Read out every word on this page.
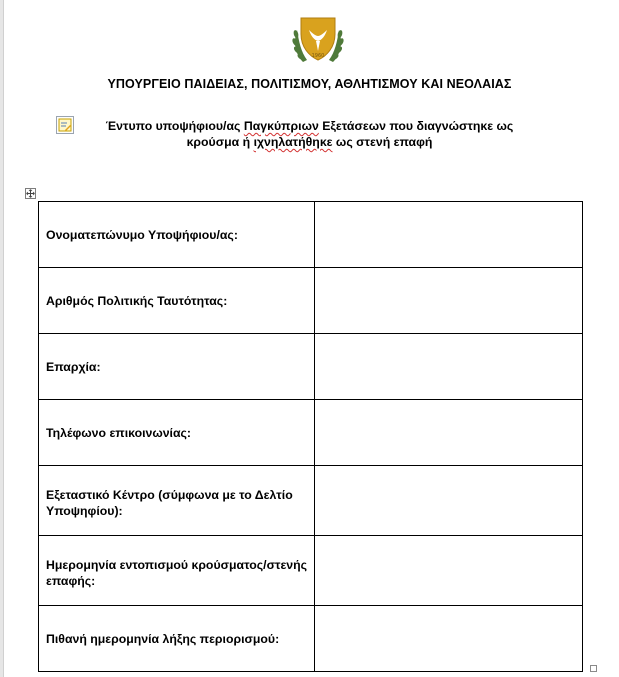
1960
ΥΠΟΥΡΓΕΙΟ ΠΑΙΔΕΙΑΣ, ΠΟΛΙΤΙΣΜΟΥ, ΑΘΛΗΤΙΣΜΟΥ ΚΑΙ ΝΕΟΛΑΙΑΣ
Έντυπο υποψήφιου/ας Παγκύπριων Εξετάσεων που διαγνώστηκε ως κρούσμα ή ιχνηλατήθηκε ως στενή επαφή
Ονοματεπώνυμο Υποψήφιου/ας:	
Αριθμός Πολιτικής Ταυτότητας:	
Επαρχία:	
Τηλέφωνο επικοινωνίας:	
Εξεταστικό Κέντρο (σύμφωνα με το Δελτίο Υποψηφίου):	
Ημερομηνία εντοπισμού κρούσματος/στενής επαφής:	
Πιθανή ημερομηνία λήξης περιορισμού:	
